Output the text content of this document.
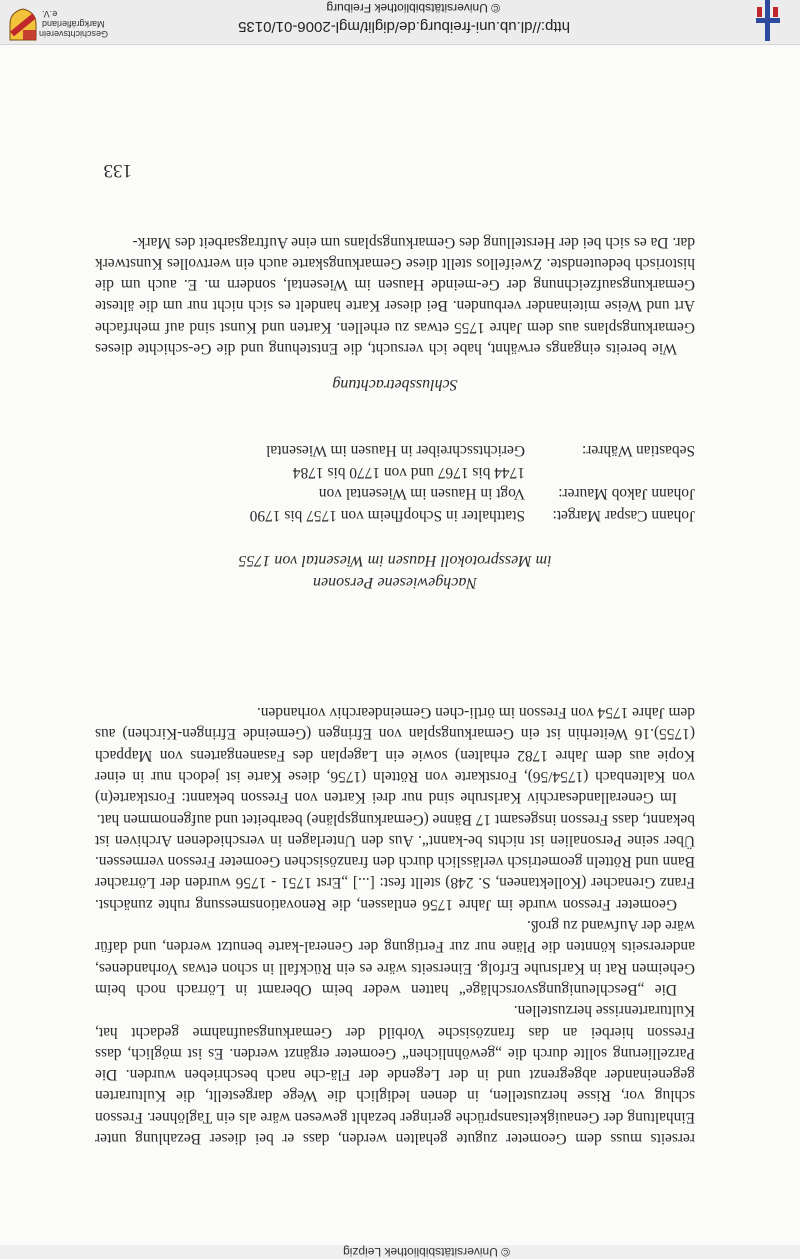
© Universitätsbibliothek Leipzig

rerseits muss dem Geometer zugute gehalten werden, dass er bei dieser Bezahlung unter Einhaltung der Genauigkeitsansprüche geringer bezahlt gewesen wäre als ein Taglöhner. Fresson schlug vor, Risse herzustellen, in denen lediglich die Wege dargestellt, die Kulturarten gegeneinander abgegrenzt und in der Legende der Flä-che nach beschrieben wurden. Die Parzellierung sollte durch die „gewöhnlichen“ Geometer ergänzt werden. Es ist möglich, dass Fresson hierbei an das französische Vorbild der Gemarkungsaufnahme gedacht hat, Kulturartenrisse herzustellen.

Die „Beschleunigungsvorschläge“ hatten weder beim Oberamt in Lörrach noch beim Geheimen Rat in Karlsruhe Erfolg. Einerseits wäre es ein Rückfall in schon etwas Vorhandenes, andererseits könnten die Pläne nur zur Fertigung der General-karte benutzt werden, und dafür wäre der Aufwand zu groß.

Geometer Fresson wurde im Jahre 1756 entlassen, die Renovationsmessung ruhte zunächst. Franz Grenacher (Kollektaneen, S. 248) stellt fest: [...] „Erst 1751 - 1756 wurden der Lörracher Bann und Rötteln geometrisch verlässlich durch den französischen Geometer Fresson vermessen. Über seine Personalien ist nichts be-kannt“. Aus den Unterlagen in verschiedenen Archiven ist bekannt, dass Fresson insgesamt 17 Bänne (Gemarkungspläne) bearbeitet und aufgenommen hat.

Im Generallandesarchiv Karlsruhe sind nur drei Karten von Fresson bekannt: Forstkarte(n) von Kaltenbach (1754/56), Forstkarte von Rötteln (1756, diese Karte ist jedoch nur in einer Kopie aus dem Jahre 1782 erhalten) sowie ein Lageplan des Fasanengartens von Mappach (1755).16 Weiterhin ist ein Gemarkungsplan von Efringen (Gemeinde Efringen-Kirchen) aus dem Jahre 1754 von Fresson im örtli-chen Gemeindearchiv vorhanden.

Nachgewiesene Personen
im Messprotokoll Hausen im Wiesental von 1755
Johann Caspar Marget:
Statthalter in Schopfheim von 1757 bis 1790
Johann Jakob Maurer:
Vogt in Hausen im Wiesental von
1744 bis 1767 und von 1770 bis 1784
Sebastian Währer:
Gerichtsschreiber in Hausen im Wiesental
Schlussbetrachtung

Wie bereits eingangs erwähnt, habe ich versucht, die Entstehung und die Ge-schichte dieses Gemarkungsplans aus dem Jahre 1755 etwas zu erhellen. Karten und Kunst sind auf mehrfache Art und Weise miteinander verbunden. Bei dieser Karte handelt es sich nicht nur um die älteste Gemarkungsaufzeichnung der Ge-meinde Hausen im Wiesental, sondern m. E. auch um die historisch bedeutendste. Zweifellos stellt diese Gemarkungskarte auch ein wertvolles Kunstwerk dar. Da es sich bei der Herstellung des Gemarkungsplans um eine Auftragsarbeit des Mark-

133
http://dl.ub.uni-freiburg.de/diglit/mgl-2006-01/0135
© Universitätsbibliothek Freiburg
Geschichtsverein
Markgräflerland e.V.
